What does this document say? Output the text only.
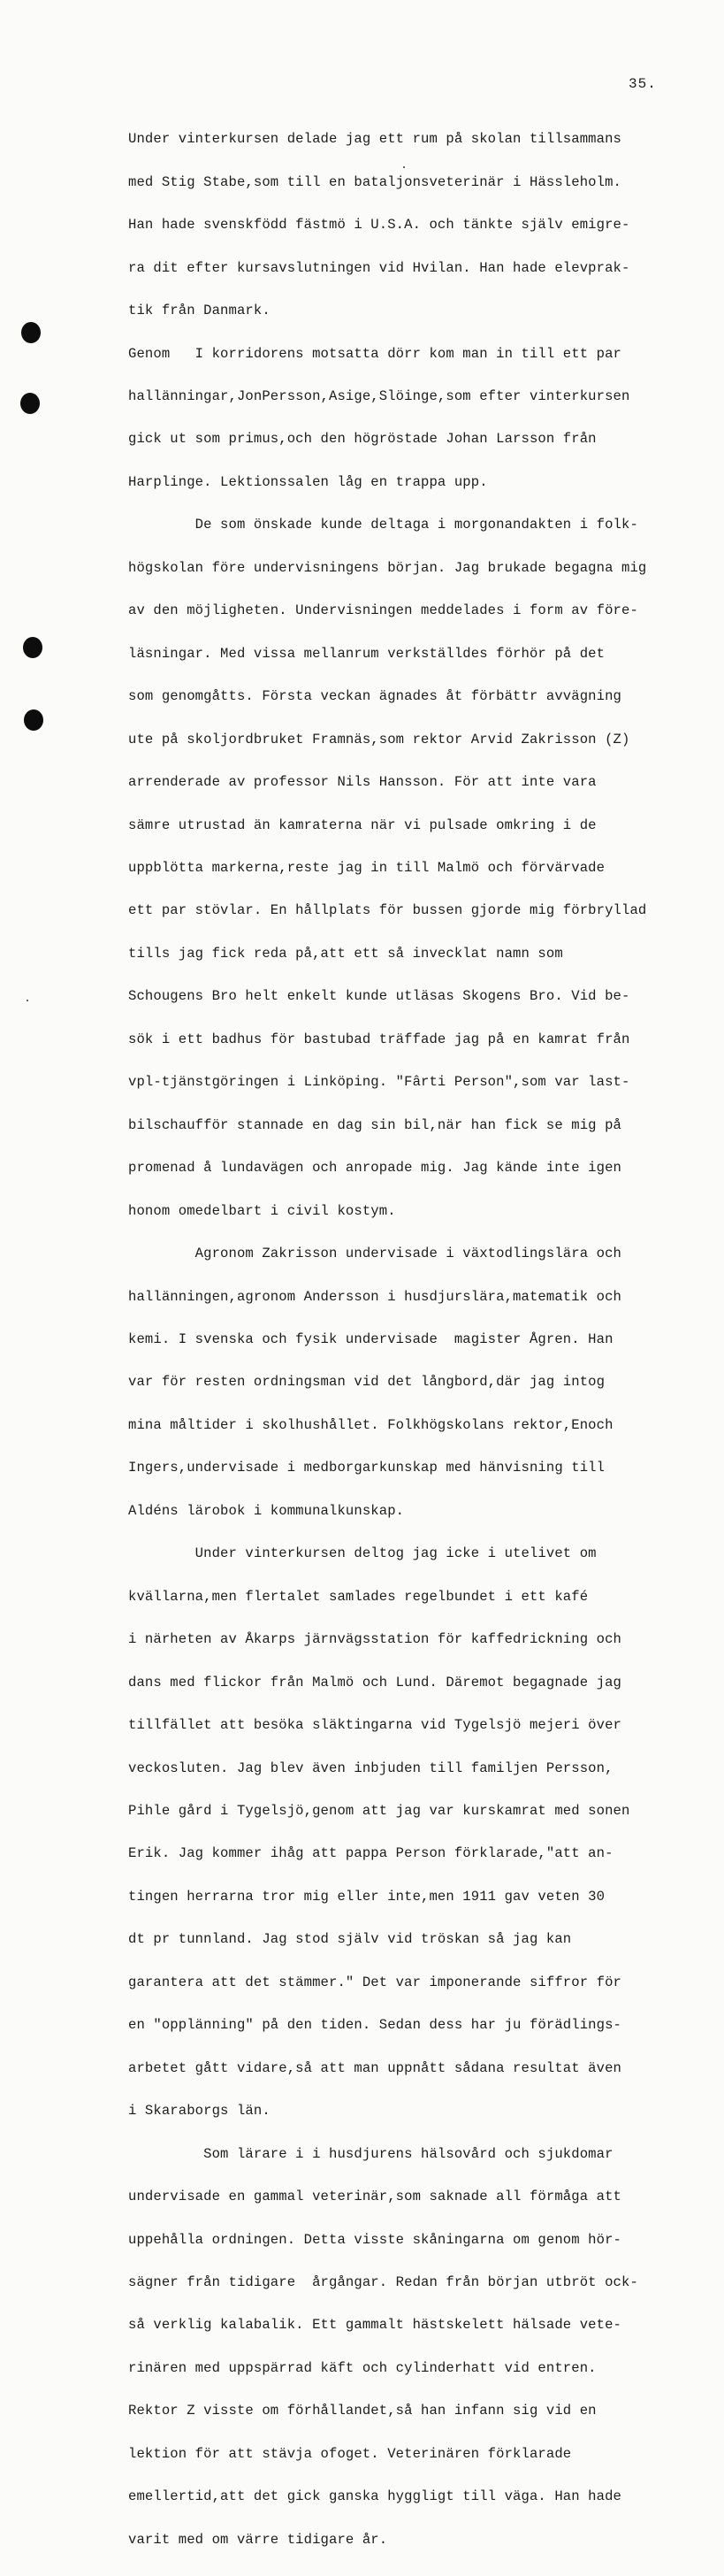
35.

Under vinterkursen delade jag ett rum på skolan tillsammans

med Stig Stabe,som till en bataljonsveterinär i Hässleholm.

Han hade svenskfödd fästmö i U.S.A. och tänkte själv emigre-

ra dit efter kursavslutningen vid Hvilan. Han hade elevprak-

tik från Danmark.

Genom   I korridorens motsatta dörr kom man in till ett par

hallänningar,JonPersson,Asige,Slöinge,som efter vinterkursen

gick ut som primus,och den högröstade Johan Larsson från

Harplinge. Lektionssalen låg en trappa upp.

De som önskade kunde deltaga i morgonandakten i folk-

högskolan före undervisningens början. Jag brukade begagna mig

av den möjligheten. Undervisningen meddelades i form av före-

läsningar. Med vissa mellanrum verkställdes förhör på det

som genomgåtts. Första veckan ägnades åt förbättr avvägning

ute på skoljordbruket Framnäs,som rektor Arvid Zakrisson (Z)

arrenderade av professor Nils Hansson. För att inte vara

sämre utrustad än kamraterna när vi pulsade omkring i de

uppblötta markerna,reste jag in till Malmö och förvärvade

ett par stövlar. En hållplats för bussen gjorde mig förbryllad

tills jag fick reda på,att ett så invecklat namn som

Schougens Bro helt enkelt kunde utläsas Skogens Bro. Vid be-

sök i ett badhus för bastubad träffade jag på en kamrat från

vpl-tjänstgöringen i Linköping. "Fârti Person",som var last-

bilschaufför stannade en dag sin bil,när han fick se mig på

promenad å lundavägen och anropade mig. Jag kände inte igen

honom omedelbart i civil kostym.

Agronom Zakrisson undervisade i växtodlingslära och

hallänningen,agronom Andersson i husdjurslära,matematik och

kemi. I svenska och fysik undervisade  magister Ågren. Han

var för resten ordningsman vid det långbord,där jag intog

mina måltider i skolhushållet. Folkhögskolans rektor,Enoch

Ingers,undervisade i medborgarkunskap med hänvisning till

Aldéns lärobok i kommunalkunskap.

Under vinterkursen deltog jag icke i utelivet om

kvällarna,men flertalet samlades regelbundet i ett kafé

i närheten av Åkarps järnvägsstation för kaffedrickning och

dans med flickor från Malmö och Lund. Däremot begagnade jag

tillfället att besöka släktingarna vid Tygelsjö mejeri över

veckosluten. Jag blev även inbjuden till familjen Persson,

Pihle gård i Tygelsjö,genom att jag var kurskamrat med sonen

Erik. Jag kommer ihåg att pappa Person förklarade,"att an-

tingen herrarna tror mig eller inte,men 1911 gav veten 30

dt pr tunnland. Jag stod själv vid tröskan så jag kan

garantera att det stämmer." Det var imponerande siffror för

en "opplänning" på den tiden. Sedan dess har ju förädlings-

arbetet gått vidare,så att man uppnått sådana resultat även

i Skaraborgs län.

Som lärare i i husdjurens hälsovård och sjukdomar

undervisade en gammal veterinär,som saknade all förmåga att

uppehålla ordningen. Detta visste skåningarna om genom hör-

sägner från tidigare  årgångar. Redan från början utbröt ock-

så verklig kalabalik. Ett gammalt hästskelett hälsade vete-

rinären med uppspärrad käft och cylinderhatt vid entren.

Rektor Z visste om förhållandet,så han infann sig vid en

lektion för att stävja ofoget. Veterinären förklarade

emellertid,att det gick ganska hyggligt till väga. Han hade

varit med om värre tidigare år.
